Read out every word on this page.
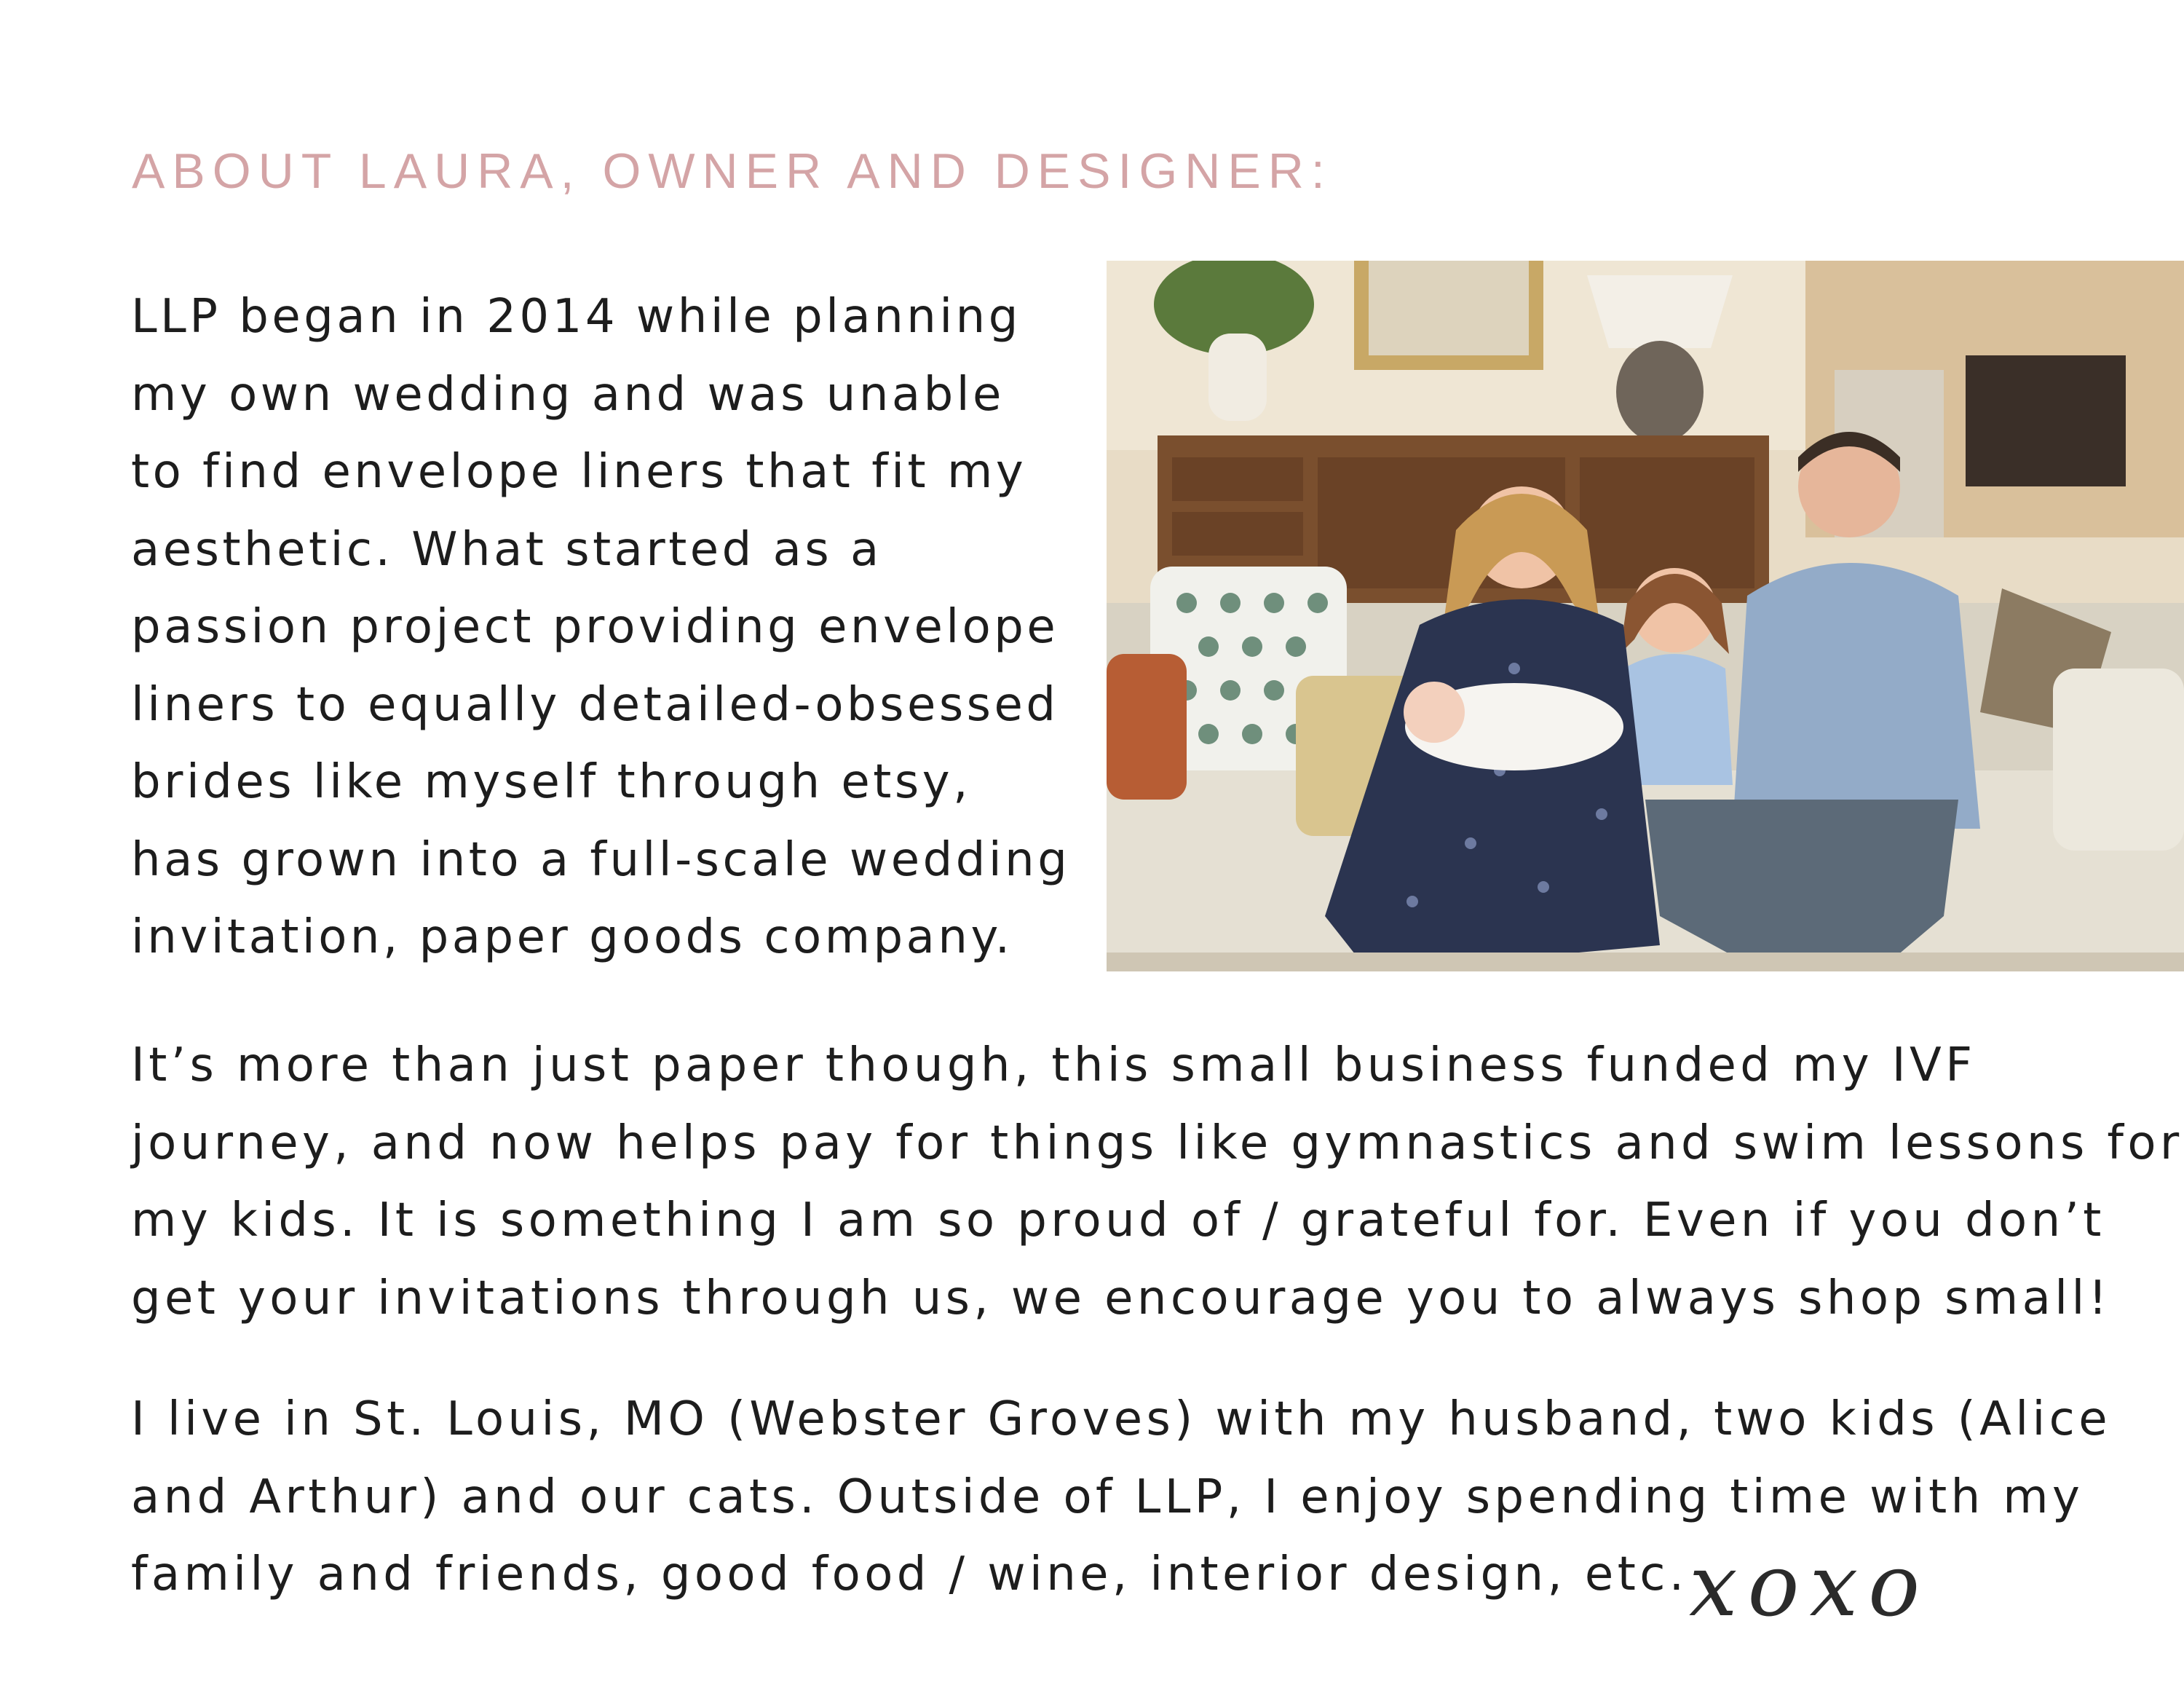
ABOUT LAURA, OWNER AND DESIGNER:
LLP began in 2014 while planning
my own wedding and was unable
to find envelope liners that fit my
aesthetic. What started as a
passion project providing envelope
liners to equally detailed-obsessed
brides like myself through etsy,
has grown into a full-scale wedding
invitation, paper goods company.
It’s more than just paper though, this small business funded my IVF
journey, and now helps pay for things like gymnastics and swim lessons for
my kids. It is something I am so proud of / grateful for. Even if you don’t
get your invitations through us, we encourage you to always shop small!
I live in St. Louis, MO (Webster Groves) with my husband, two kids (Alice
and Arthur) and our cats. Outside of LLP, I enjoy spending time with my
family and friends, good food / wine, interior design, etc. xoxo
